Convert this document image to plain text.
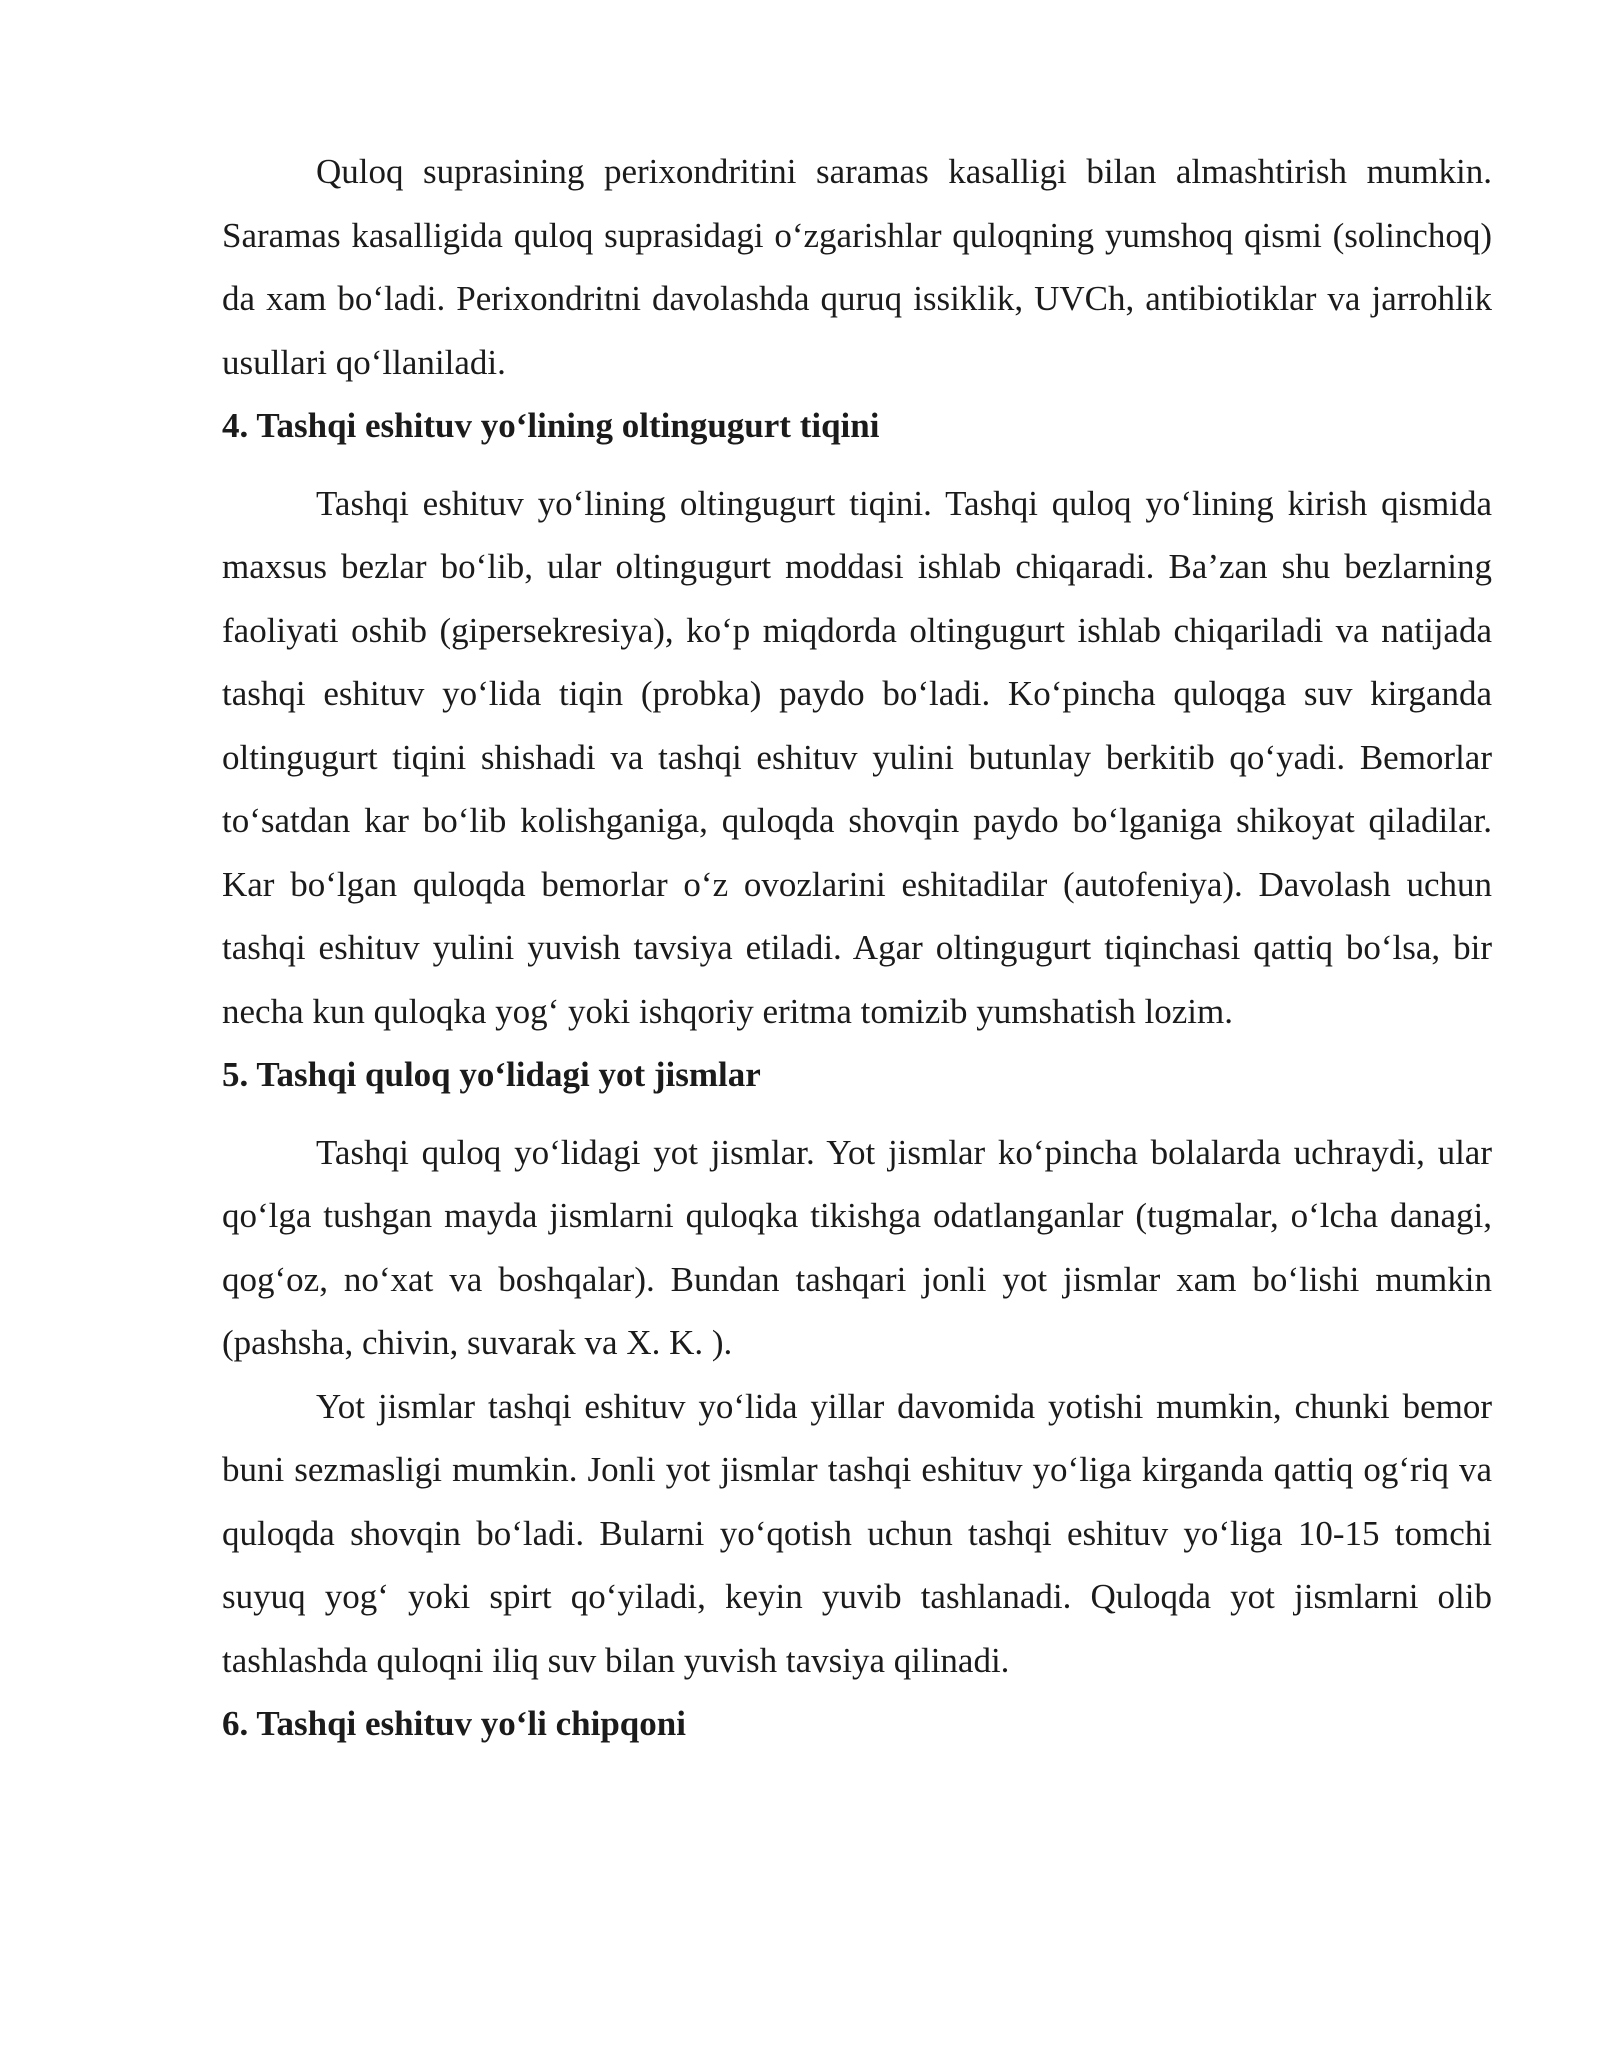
Quloq suprasining perixondritini saramas kasalligi bilan almashtirish mumkin. Saramas kasalligida quloq suprasidagi o‘zgarishlar quloqning yumshoq qismi (solinchoq) da xam bo‘ladi. Perixondritni davolashda quruq issiklik, UVCh, antibiotiklar va jarrohlik usullari qo‘llaniladi.

4. Tashqi eshituv yo‘lining oltingugurt tiqini

Tashqi eshituv yo‘lining oltingugurt tiqini. Tashqi quloq yo‘lining kirish qismida maxsus bezlar bo‘lib, ular oltingugurt moddasi ishlab chiqaradi. Ba’zan shu bezlarning faoliyati oshib (gipersekresiya), ko‘p miqdorda oltingugurt ishlab chiqariladi va natijada tashqi eshituv yo‘lida tiqin (probka) paydo bo‘ladi. Ko‘pincha quloqga suv kirganda oltingugurt tiqini shishadi va tashqi eshituv yulini butunlay berkitib qo‘yadi. Bemorlar to‘satdan kar bo‘lib kolishganiga, quloqda shovqin paydo bo‘lganiga shikoyat qiladilar. Kar bo‘lgan quloqda bemorlar o‘z ovozlarini eshitadilar (autofeniya). Davolash uchun tashqi eshituv yulini yuvish tavsiya etiladi. Agar oltingugurt tiqinchasi qattiq bo‘lsa, bir necha kun quloqka yog‘ yoki ishqoriy eritma tomizib yumshatish lozim.

5. Tashqi quloq yo‘lidagi yot jismlar

Tashqi quloq yo‘lidagi yot jismlar. Yot jismlar ko‘pincha bolalarda uchraydi, ular qo‘lga tushgan mayda jismlarni quloqka tikishga odatlanganlar (tugmalar, o‘lcha danagi, qog‘oz, no‘xat va boshqalar). Bundan tashqari jonli yot jismlar xam bo‘lishi mumkin (pashsha, chivin, suvarak va X. K. ).

Yot jismlar tashqi eshituv yo‘lida yillar davomida yotishi mumkin, chunki bemor buni sezmasligi mumkin. Jonli yot jismlar tashqi eshituv yo‘liga kirganda qattiq og‘riq va quloqda shovqin bo‘ladi. Bularni yo‘qotish uchun tashqi eshituv yo‘liga 10-15 tomchi suyuq yog‘ yoki spirt qo‘yiladi, keyin yuvib tashlanadi. Quloqda yot jismlarni olib tashlashda quloqni iliq suv bilan yuvish tavsiya qilinadi.

6. Tashqi eshituv yo‘li chipqoni
